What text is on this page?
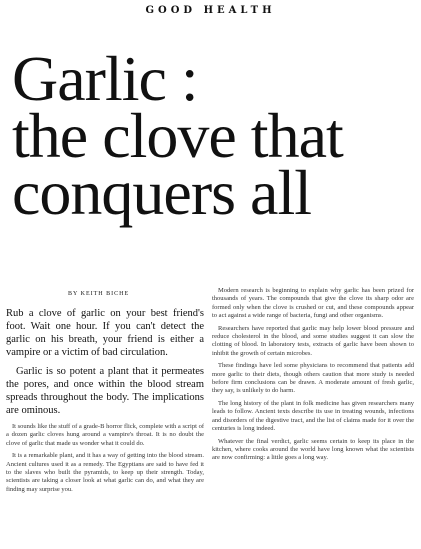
GOOD HEALTH
Garlic :
the clove that
conquers all
BY KEITH BICHE

Rub a clove of garlic on your best friend's foot. Wait one hour. If you can't detect the garlic on his breath, your friend is either a vampire or a victim of bad circulation.

Garlic is so potent a plant that it permeates the pores, and once within the blood stream spreads throughout the body. The implications are ominous.

It sounds like the stuff of a grade-B horror flick, complete with a script of a dozen garlic cloves hung around a vampire's throat. It is no doubt the clove of garlic that made us wonder what it could do.

It is a remarkable plant, and it has a way of getting into the blood stream. Ancient cultures used it as a remedy. The Egyptians are said to have fed it to the slaves who built the pyramids, to keep up their strength. Today, scientists are taking a closer look at what garlic can do, and what they are finding may surprise you.

Modern research is beginning to explain why garlic has been prized for thousands of years. The compounds that give the clove its sharp odor are formed only when the clove is crushed or cut, and these compounds appear to act against a wide range of bacteria, fungi and other organisms.

Researchers have reported that garlic may help lower blood pressure and reduce cholesterol in the blood, and some studies suggest it can slow the clotting of blood. In laboratory tests, extracts of garlic have been shown to inhibit the growth of certain microbes.

These findings have led some physicians to recommend that patients add more garlic to their diets, though others caution that more study is needed before firm conclusions can be drawn. A moderate amount of fresh garlic, they say, is unlikely to do harm.

The long history of the plant in folk medicine has given researchers many leads to follow. Ancient texts describe its use in treating wounds, infections and disorders of the digestive tract, and the list of claims made for it over the centuries is long indeed.

Whatever the final verdict, garlic seems certain to keep its place in the kitchen, where cooks around the world have long known what the scientists are now confirming: a little goes a long way.
